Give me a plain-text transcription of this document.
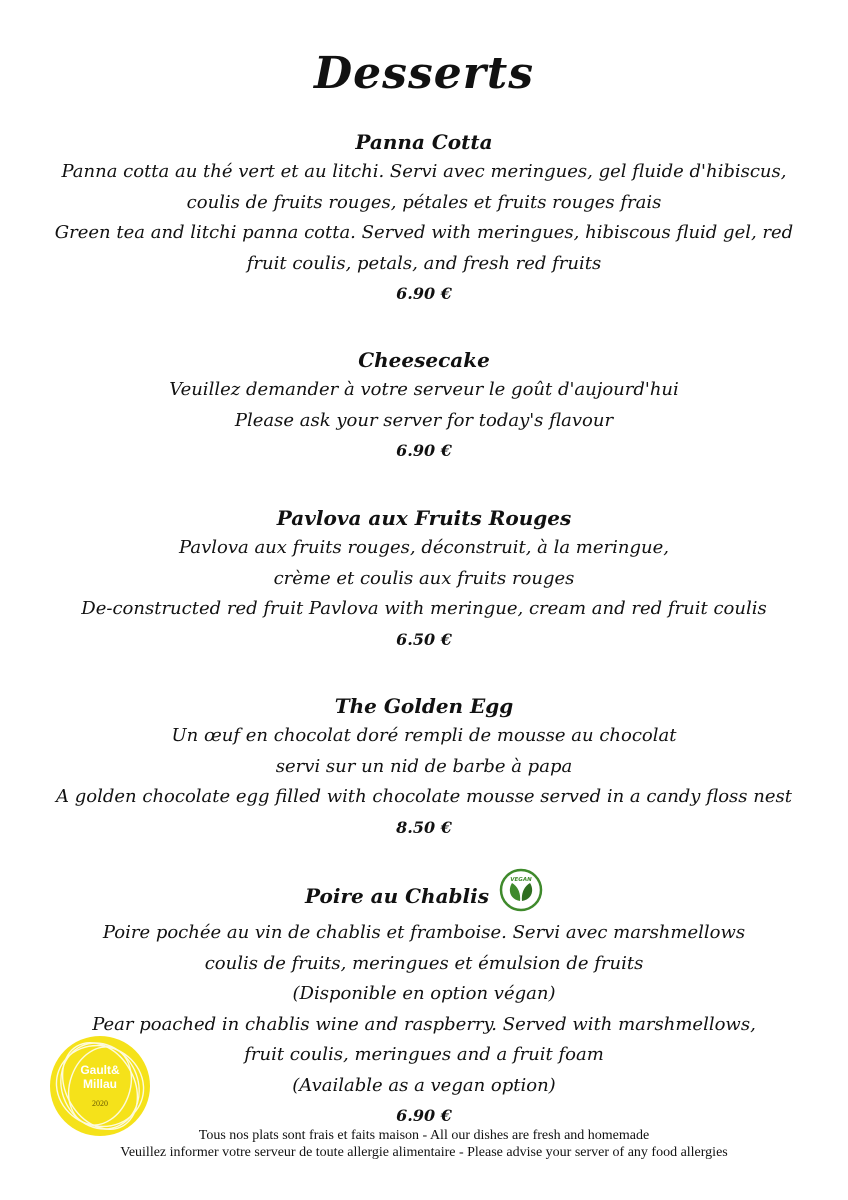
Desserts
Panna Cotta
Panna cotta au thé vert et au litchi. Servi avec meringues, gel fluide d'hibiscus,
coulis de fruits rouges, pétales et fruits rouges frais
Green tea and litchi panna cotta. Served with meringues, hibiscous fluid gel, red
fruit coulis, petals, and fresh red fruits
6.90 €
Cheesecake
Veuillez demander à votre serveur le goût d'aujourd'hui
Please ask your server for today's flavour
6.90 €
Pavlova aux Fruits Rouges
Pavlova aux fruits rouges, déconstruit, à la meringue,
crème et coulis aux fruits rouges
De-constructed red fruit Pavlova with meringue, cream and red fruit coulis
6.50 €
The Golden Egg
Un œuf en chocolat doré rempli de mousse au chocolat
servi sur un nid de barbe à papa
A golden chocolate egg filled with chocolate mousse served in a candy floss nest
8.50 €
Poire au Chablis
VEGAN
Poire pochée au vin de chablis et framboise. Servi avec marshmellows
coulis de fruits, meringues et émulsion de fruits
(Disponible en option végan)
Pear poached in chablis wine and raspberry. Served with marshmellows,
fruit coulis, meringues and a fruit foam
(Available as a vegan option)
6.90 €
Gault&
Millau
2020
Tous nos plats sont frais et faits maison - All our dishes are fresh and homemade
Veuillez informer votre serveur de toute allergie alimentaire - Please advise your server of any food allergies
